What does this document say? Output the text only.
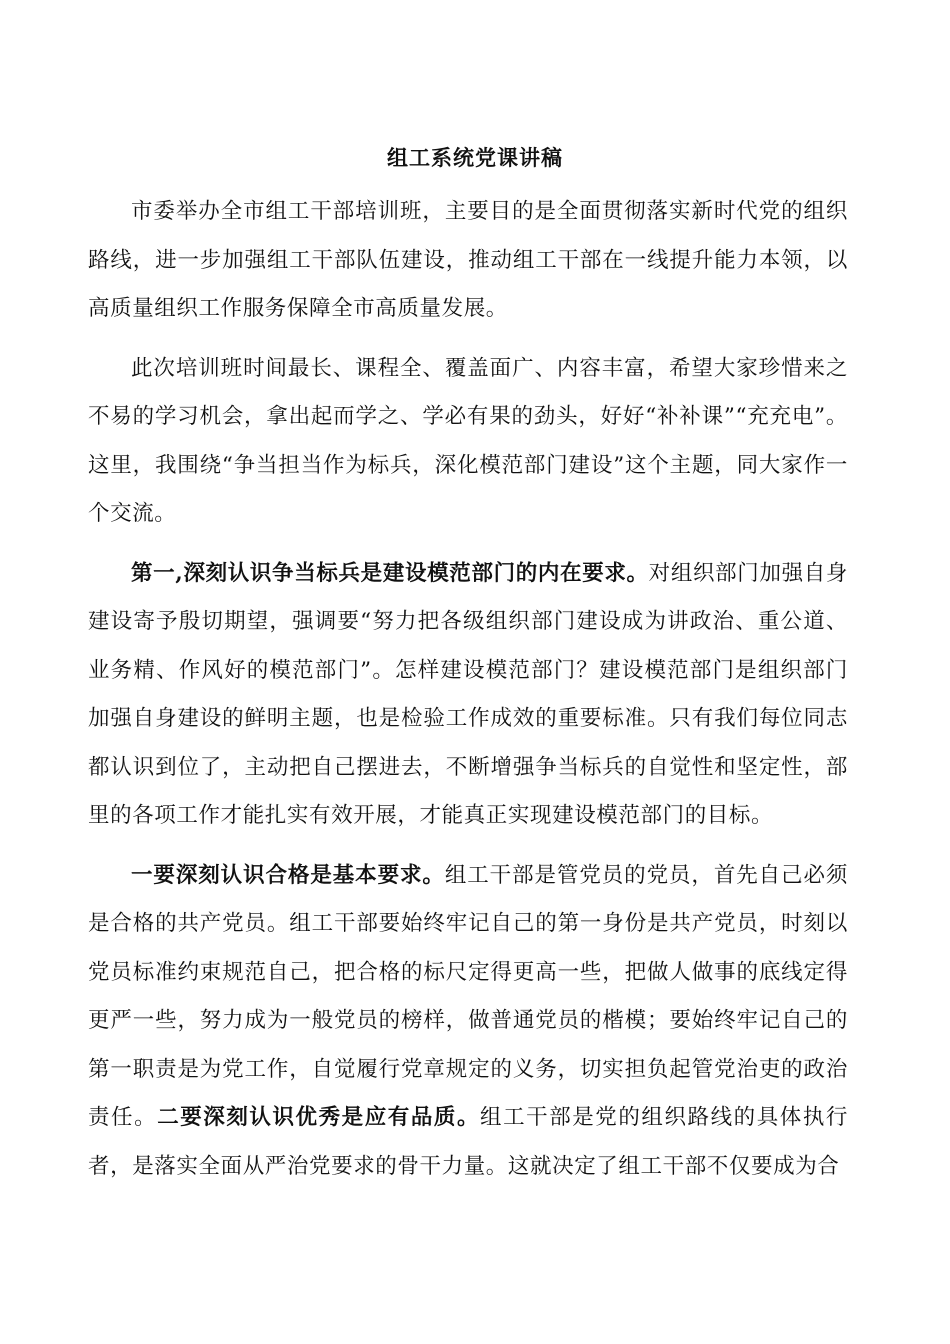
组工系统党课讲稿

市委举办全市组工干部培训班，主要目的是全面贯彻落实新时代党的组织路线，进一步加强组工干部队伍建设，推动组工干部在一线提升能力本领，以高质量组织工作服务保障全市高质量发展。

此次培训班时间最长、课程全、覆盖面广、内容丰富，希望大家珍惜来之不易的学习机会，拿出起而学之、学必有果的劲头，好好“补补课”“充充电”。这里，我围绕“争当担当作为标兵，深化模范部门建设”这个主题，同大家作一个交流。

第一,深刻认识争当标兵是建设模范部门的内在要求。对组织部门加强自身建设寄予殷切期望，强调要“努力把各级组织部门建设成为讲政治、重公道、业务精、作风好的模范部门”。怎样建设模范部门？建设模范部门是组织部门加强自身建设的鲜明主题，也是检验工作成效的重要标准。只有我们每位同志都认识到位了，主动把自己摆进去，不断增强争当标兵的自觉性和坚定性，部里的各项工作才能扎实有效开展，才能真正实现建设模范部门的目标。

一要深刻认识合格是基本要求。组工干部是管党员的党员，首先自己必须是合格的共产党员。组工干部要始终牢记自己的第一身份是共产党员，时刻以党员标准约束规范自己，把合格的标尺定得更高一些，把做人做事的底线定得更严一些，努力成为一般党员的榜样，做普通党员的楷模；要始终牢记自己的第一职责是为党工作，自觉履行党章规定的义务，切实担负起管党治吏的政治责任。二要深刻认识优秀是应有品质。组工干部是党的组织路线的具体执行者，是落实全面从严治党要求的骨干力量。这就决定了组工干部不仅要成为合
